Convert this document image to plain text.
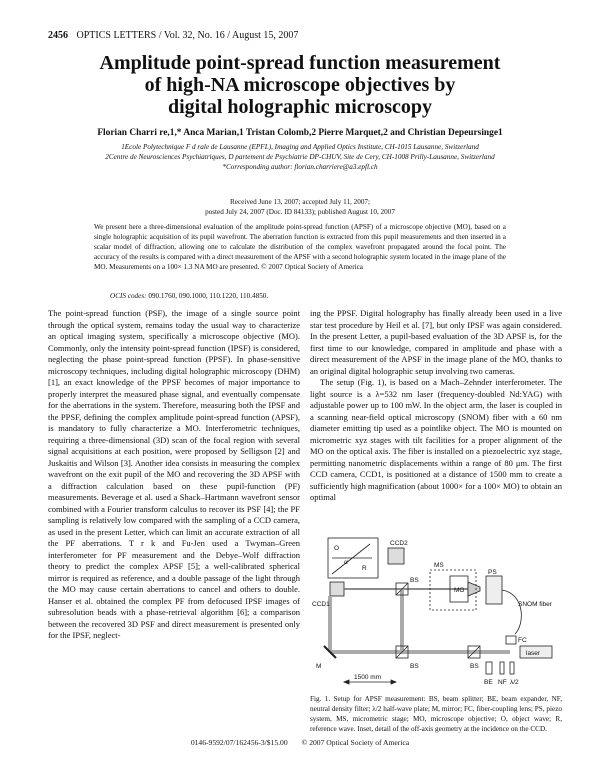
2456 OPTICS LETTERS / Vol. 32, No. 16 / August 15, 2007
Amplitude point-spread function measurement
of high-NA microscope objectives by
digital holographic microscopy
Florian Charri re,1,* Anca Marian,1 Tristan Colomb,2 Pierre Marquet,2 and Christian Depeursinge1

1Ecole Polytechnique F d rale de Lausanne (EPFL), Imaging and Applied Optics Institute, CH-1015 Lausanne, Switzerland

2Centre de Neurosciences Psychiatriques, D partement de Psychiatrie DP-CHUV, Site de Cery, CH-1008 Prilly-Lausanne, Switzerland

*Corresponding author: florian.charriere@a3.epfl.ch

Received June 13, 2007; accepted July 11, 2007;

posted July 24, 2007 (Doc. ID 84133); published August 10, 2007

We present here a three-dimensional evaluation of the amplitude point-spread function (APSF) of a microscope objective (MO), based on a single holographic acquisition of its pupil wavefront. The aberration function is extracted from this pupil measurements and then inserted in a scalar model of diffraction, allowing one to calculate the distribution of the complex wavefront propagated around the focal point. The accuracy of the results is compared with a direct measurement of the APSF with a second holographic system located in the image plane of the MO. Measurements on a 100× 1.3 NA MO are presented. © 2007 Optical Society of America
OCIS codes: 090.1760, 090.1000, 110.1220, 110.4850.

The point-spread function (PSF), the image of a single source point through the optical system, remains today the usual way to characterize an optical imaging system, specifically a microscope objective (MO). Commonly, only the intensity point-spread function (IPSF) is considered, neglecting the phase point-spread function (PPSF). In phase-sensitive microscopy techniques, including digital holographic microscopy (DHM) [1], an exact knowledge of the PPSF becomes of major importance to properly interpret the measured phase signal, and eventually compensate for the aberrations in the system. Therefore, measuring both the IPSF and the PPSF, defining the complex amplitude point-spread function (APSF), is mandatory to fully characterize a MO. Interferometric techniques, requiring a three-dimensional (3D) scan of the focal region with several signal acquisitions at each position, were proposed by Selligson [2] and Juskaitis and Wilson [3]. Another idea consists in measuring the complex wavefront on the exit pupil of the MO and recovering the 3D APSF with a diffraction calculation based on these pupil-function (PF) measurements. Beverage et al. used a Shack–Hartmann wavefront sensor combined with a Fourier transform calculus to recover its PSF [4]; the PF sampling is relatively low compared with the sampling of a CCD camera, as used in the present Letter, which can limit an accurate extraction of all the PF aberrations. T r k and Fu-Jen used a Twyman–Green interferometer for PF measurement and the Debye–Wolf diffraction theory to predict the complex APSF [5]; a well-calibrated spherical mirror is required as reference, and a double passage of the light through the MO may cause certain aberrations to cancel and others to double. Hanser et al. obtained the complex PF from defocused IPSF images of subresolution beads with a phase-retrieval algorithm [6]; a comparison between the recovered 3D PSF and direct measurement is presented only for the IPSF, neglect-

ing the PPSF. Digital holography has finally already been used in a live star test procedure by Heil et al. [7], but only IPSF was again considered. In the present Letter, a pupil-based evaluation of the 3D APSF is, for the first time to our knowledge, compared in amplitude and phase with a direct measurement of the APSF in the image plane of the MO, thanks to an original digital holographic setup involving two cameras.

The setup (Fig. 1), is based on a Mach–Zehnder interferometer. The light source is a λ=532 nm laser (frequency-doubled Nd:YAG) with adjustable power up to 100 mW. In the object arm, the laser is coupled in a scanning near-field optical microscopy (SNOM) fiber with a 60 nm diameter emitting tip used as a pointlike object. The MO is mounted on micrometric xyz stages with tilt facilities for a proper alignment of the MO on the optical axis. The fiber is installed on a piezoelectric xyz stage, permitting nanometric displacements within a range of 80 μm. The first CCD camera, CCD1, is positioned at a distance of 1500 mm to create a sufficiently high magnification (about 1000× for a 100× MO) to obtain an optimal

O
R
α
CCD1
CCD2
MS
MO
PS
SNOM fiber
FC
laser
BS
BS	BS
BE NF λ/2
M
1500 mm
Fig. 1. Setup for APSF measurement: BS, beam splitter; BE, beam expander, NF, neutral density filter; λ/2 half-wave plate; M, mirror; FC, fiber-coupling lens; PS, piezo system, MS, micrometric stage; MO, microscope objective; O, object wave; R, reference wave. Inset, detail of the off-axis geometry at the incidence on the CCD.
0146-9592/07/162456-3/$15.00 © 2007 Optical Society of America
